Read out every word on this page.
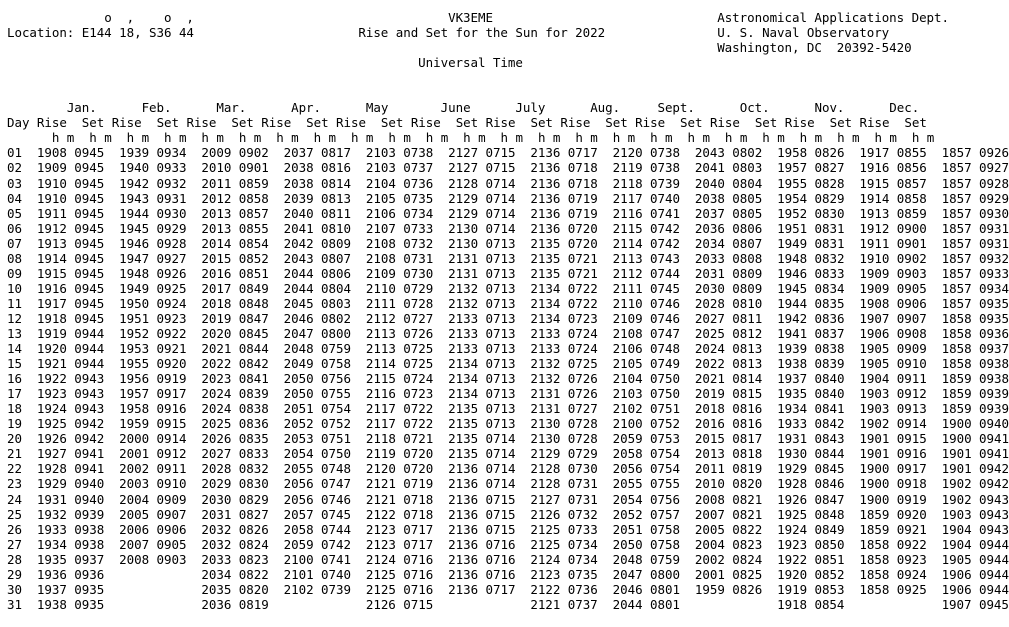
o  ,    o  ,	VK3EME	Astronomical Applications Dept.
Location: E144 18, S36 44	Rise and Set for the Sun for 2022	U. S. Naval Observatory
Washington, DC  20392-5420
Universal Time

Jan.	Feb.	Mar.	Apr.	May	June	July	Aug.	Sept.	Oct.	Nov.	Dec.
Day Rise Set Rise Set Rise Set Rise Set Rise Set Rise Set Rise Set Rise Set Rise Set Rise Set Rise Set Rise Set
h m h m h m h m h m h m h m h m h m h m h m h m h m h m h m h m h m h m h m h m h m h m h m h m
01 1908 0945 1939 0934 2009 0902 2037 0817 2103 0738 2127 0715 2136 0717 2120 0738 2043 0802 1958 0826 1917 0855 1857 0926
02 1909 0945 1940 0933 2010 0901 2038 0816 2103 0737 2127 0715 2136 0718 2119 0738 2041 0803 1957 0827 1916 0856 1857 0927
03 1910 0945 1942 0932 2011 0859 2038 0814 2104 0736 2128 0714 2136 0718 2118 0739 2040 0804 1955 0828 1915 0857 1857 0928
04 1910 0945 1943 0931 2012 0858 2039 0813 2105 0735 2129 0714 2136 0719 2117 0740 2038 0805 1954 0829 1914 0858 1857 0929
05 1911 0945 1944 0930 2013 0857 2040 0811 2106 0734 2129 0714 2136 0719 2116 0741 2037 0805 1952 0830 1913 0859 1857 0930
06 1912 0945 1945 0929 2013 0855 2041 0810 2107 0733 2130 0714 2136 0720 2115 0742 2036 0806 1951 0831 1912 0900 1857 0931
07 1913 0945 1946 0928 2014 0854 2042 0809 2108 0732 2130 0713 2135 0720 2114 0742 2034 0807 1949 0831 1911 0901 1857 0931
08 1914 0945 1947 0927 2015 0852 2043 0807 2108 0731 2131 0713 2135 0721 2113 0743 2033 0808 1948 0832 1910 0902 1857 0932
09 1915 0945 1948 0926 2016 0851 2044 0806 2109 0730 2131 0713 2135 0721 2112 0744 2031 0809 1946 0833 1909 0903 1857 0933
10 1916 0945 1949 0925 2017 0849 2044 0804 2110 0729 2132 0713 2134 0722 2111 0745 2030 0809 1945 0834 1909 0905 1857 0934
11 1917 0945 1950 0924 2018 0848 2045 0803 2111 0728 2132 0713 2134 0722 2110 0746 2028 0810 1944 0835 1908 0906 1857 0935
12 1918 0945 1951 0923 2019 0847 2046 0802 2112 0727 2133 0713 2134 0723 2109 0746 2027 0811 1942 0836 1907 0907 1858 0935
13 1919 0944 1952 0922 2020 0845 2047 0800 2113 0726 2133 0713 2133 0724 2108 0747 2025 0812 1941 0837 1906 0908 1858 0936
14 1920 0944 1953 0921 2021 0844 2048 0759 2113 0725 2133 0713 2133 0724 2106 0748 2024 0813 1939 0838 1905 0909 1858 0937
15 1921 0944 1955 0920 2022 0842 2049 0758 2114 0725 2134 0713 2132 0725 2105 0749 2022 0813 1938 0839 1905 0910 1858 0938
16 1922 0943 1956 0919 2023 0841 2050 0756 2115 0724 2134 0713 2132 0726 2104 0750 2021 0814 1937 0840 1904 0911 1859 0938
17 1923 0943 1957 0917 2024 0839 2050 0755 2116 0723 2134 0713 2131 0726 2103 0750 2019 0815 1935 0840 1903 0912 1859 0939
18 1924 0943 1958 0916 2024 0838 2051 0754 2117 0722 2135 0713 2131 0727 2102 0751 2018 0816 1934 0841 1903 0913 1859 0939
19 1925 0942 1959 0915 2025 0836 2052 0752 2117 0722 2135 0713 2130 0728 2100 0752 2016 0816 1933 0842 1902 0914 1900 0940
20 1926 0942 2000 0914 2026 0835 2053 0751 2118 0721 2135 0714 2130 0728 2059 0753 2015 0817 1931 0843 1901 0915 1900 0941
21 1927 0941 2001 0912 2027 0833 2054 0750 2119 0720 2135 0714 2129 0729 2058 0754 2013 0818 1930 0844 1901 0916 1901 0941
22 1928 0941 2002 0911 2028 0832 2055 0748 2120 0720 2136 0714 2128 0730 2056 0754 2011 0819 1929 0845 1900 0917 1901 0942
23 1929 0940 2003 0910 2029 0830 2056 0747 2121 0719 2136 0714 2128 0731 2055 0755 2010 0820 1928 0846 1900 0918 1902 0942
24 1931 0940 2004 0909 2030 0829 2056 0746 2121 0718 2136 0715 2127 0731 2054 0756 2008 0821 1926 0847 1900 0919 1902 0943
25 1932 0939 2005 0907 2031 0827 2057 0745 2122 0718 2136 0715 2126 0732 2052 0757 2007 0821 1925 0848 1859 0920 1903 0943
26 1933 0938 2006 0906 2032 0826 2058 0744 2123 0717 2136 0715 2125 0733 2051 0758 2005 0822 1924 0849 1859 0921 1904 0943
27 1934 0938 2007 0905 2032 0824 2059 0742 2123 0717 2136 0716 2125 0734 2050 0758 2004 0823 1923 0850 1858 0922 1904 0944
28 1935 0937 2008 0903 2033 0823 2100 0741 2124 0716 2136 0716 2124 0734 2048 0759 2002 0824 1922 0851 1858 0923 1905 0944
29 1936 0936	2034 0822 2101 0740 2125 0716 2136 0716 2123 0735 2047 0800 2001 0825 1920 0852 1858 0924 1906 0944
30 1937 0935	2035 0820 2102 0739 2125 0716 2136 0717 2122 0736 2046 0801 1959 0826 1919 0853 1858 0925 1906 0944
31 1938 0935	2036 0819	2126 0715	2121 0737 2044 0801	1918 0854	1907 0945
